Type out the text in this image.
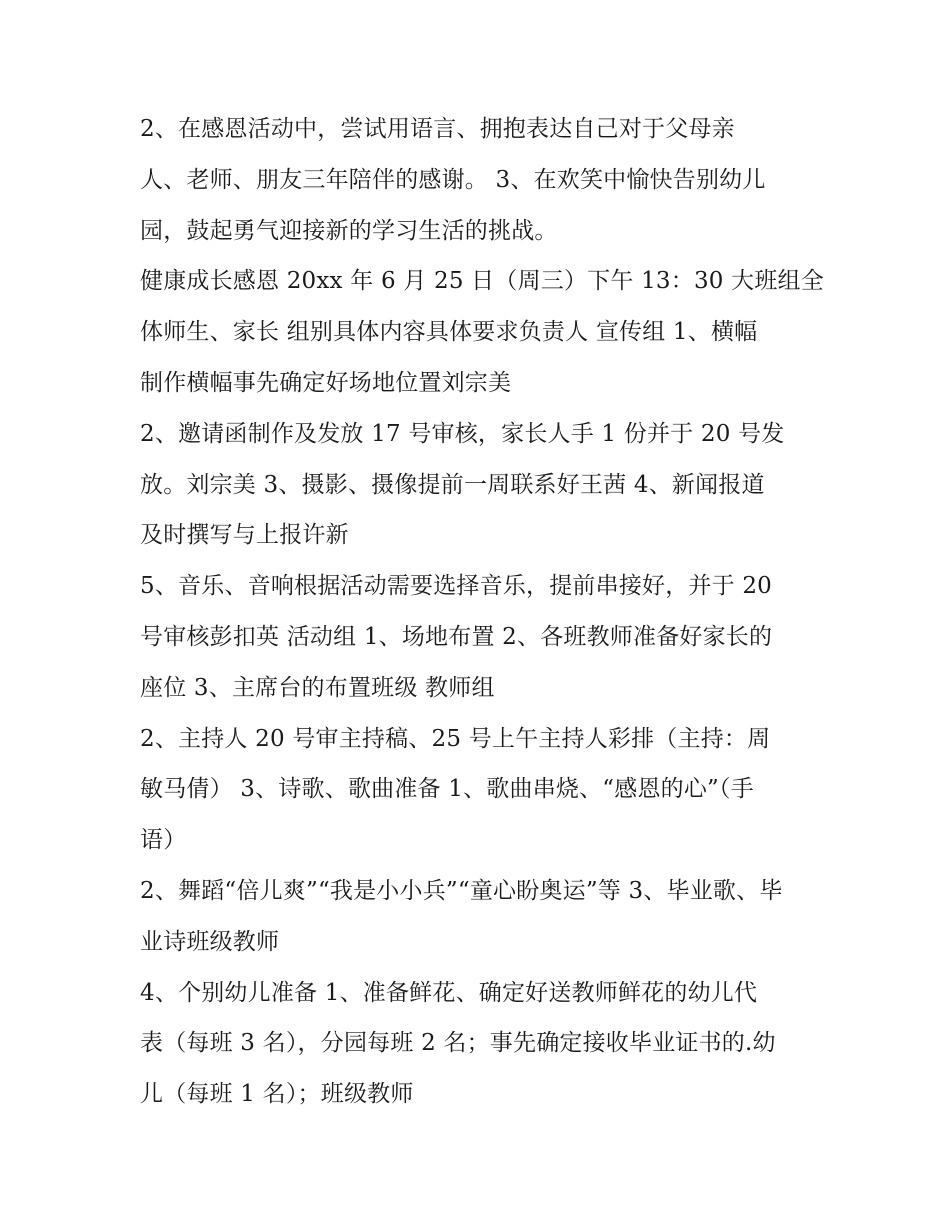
2、在感恩活动中，尝试用语言、拥抱表达自己对于父母亲
人、老师、朋友三年陪伴的感谢。 3、在欢笑中愉快告别幼儿
园，鼓起勇气迎接新的学习生活的挑战。
健康成长感恩 20xx 年 6 月 25 日（周三）下午 13：30 大班组全
体师生、家长 组别具体内容具体要求负责人 宣传组 1、横幅
制作横幅事先确定好场地位置刘宗美
2、邀请函制作及发放 17 号审核，家长人手 1 份并于 20 号发
放。刘宗美 3、摄影、摄像提前一周联系好王茜 4、新闻报道
及时撰写与上报许新
5、音乐、音响根据活动需要选择音乐，提前串接好，并于 20
号审核彭扣英 活动组 1、场地布置 2、各班教师准备好家长的
座位 3、主席台的布置班级 教师组
2、主持人 20 号审主持稿、25 号上午主持人彩排（主持：周
敏马倩） 3、诗歌、歌曲准备 1、歌曲串烧、“感恩的心”（手
语）
2、舞蹈“倍儿爽”“我是小小兵”“童心盼奥运”等 3、毕业歌、毕
业诗班级教师
4、个别幼儿准备 1、准备鲜花、确定好送教师鲜花的幼儿代
表（每班 3 名），分园每班 2 名；事先确定接收毕业证书的.幼
儿（每班 1 名）；班级教师
